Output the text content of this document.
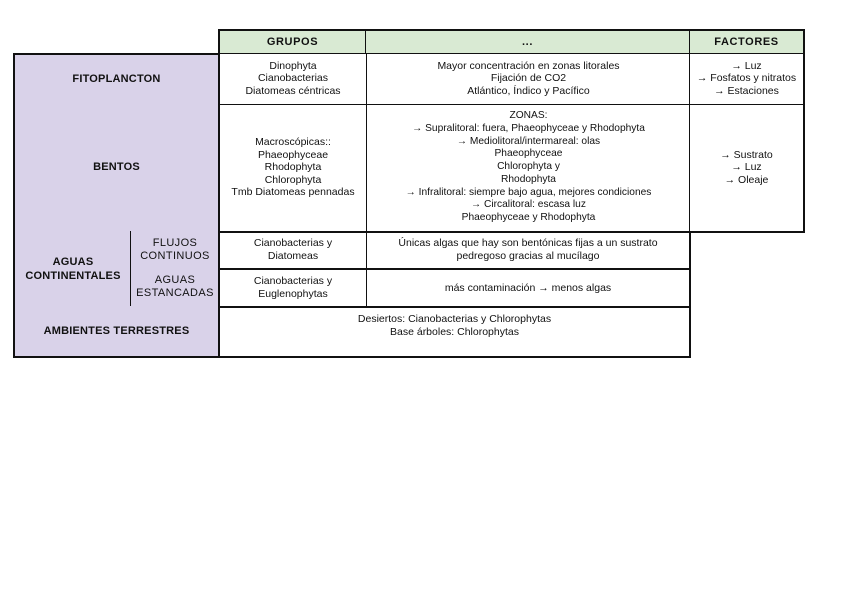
GRUPOS	...	FACTORES
FITOPLANCTON
Dinophyta
Cianobacterias
Diatomeas céntricas
Mayor concentración en zonas litorales
Fijación de CO2
Atlántico, Índico y Pacífico
→ Luz
→ Fosfatos y nitratos
→ Estaciones
BENTOS
Macroscópicas::
Phaeophyceae
Rhodophyta
Chlorophyta
Tmb Diatomeas pennadas
ZONAS:
→ Supralitoral: fuera, Phaeophyceae y Rhodophyta
→ Mediolitoral/intermareal: olas
Phaeophyceae
Chlorophyta y
Rhodophyta
→ Infralitoral: siempre bajo agua, mejores condiciones
→ Circalitoral: escasa luz
Phaeophyceae y Rhodophyta
→ Sustrato
→ Luz
→ Oleaje
AGUAS
CONTINENTALES
FLUJOS
CONTINUOS
AGUAS
ESTANCADAS
Cianobacterias y
Diatomeas
Únicas algas que hay son bentónicas fijas a un sustrato
pedregoso gracias al mucílago
Cianobacterias y
Euglenophytas
más contaminación → menos algas
AMBIENTES TERRESTRES
Desiertos: Cianobacterias y Chlorophytas
Base árboles: Chlorophytas
